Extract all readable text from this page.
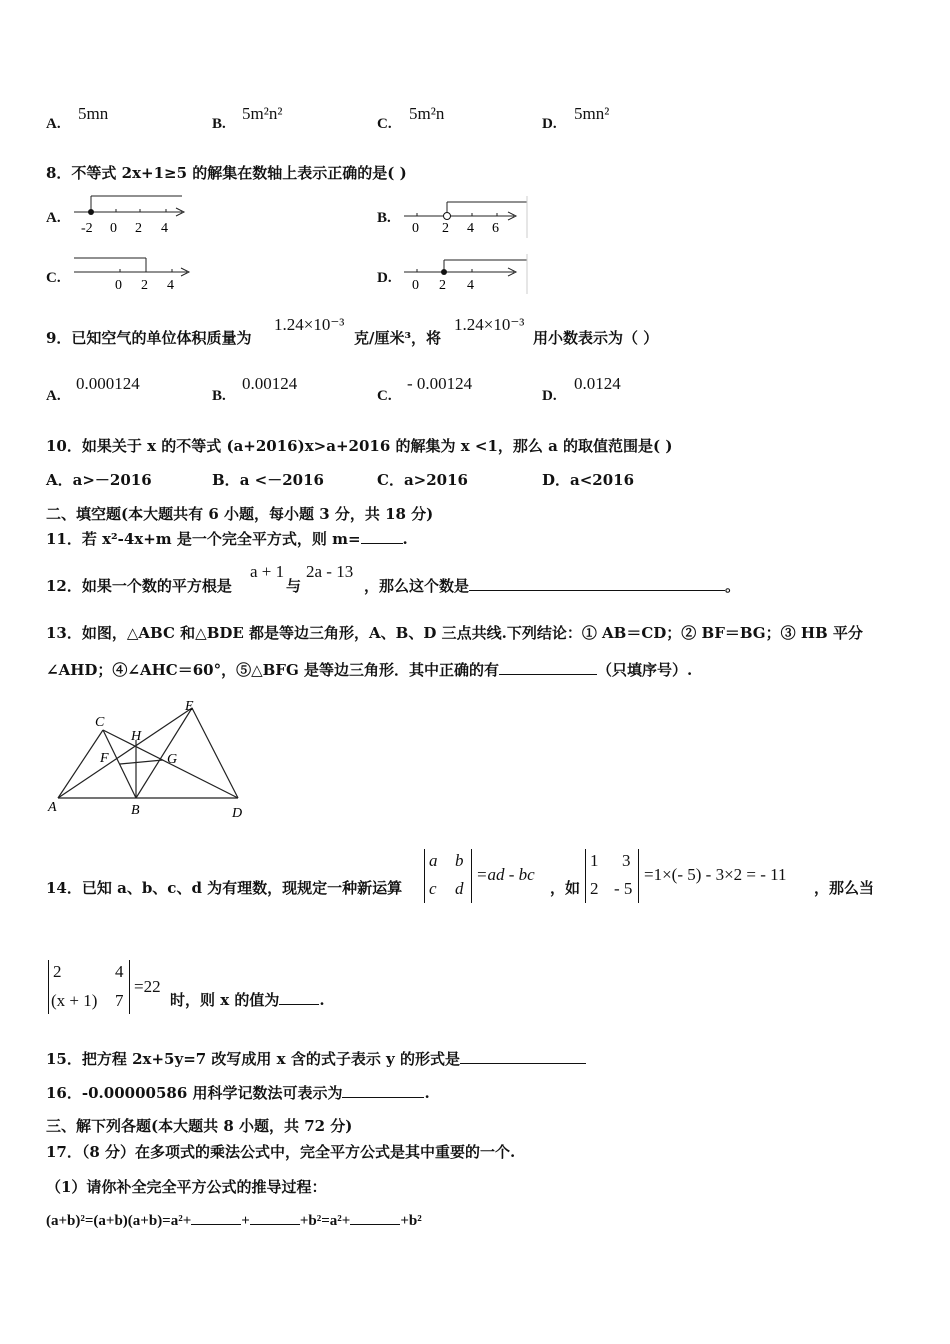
A.
5mn
B.
5m²n²
C.
5m²n
D.
5mn²
8．不等式 2x+1≥5 的解集在数轴上表示正确的是( )
A.
-2 0 2 4
B.
0 2 4 6
C.	0 2 4	D. 0 2 4
9．已知空气的单位体积质量为
1.24×10⁻³
克/厘米³，将
1.24×10⁻³
用小数表示为（ ）
A.
0.000124
B.
0.00124
C.
- 0.00124
D.
0.0124
10．如果关于 x 的不等式 (a+2016)x>a+2016 的解集为 x <1，那么 a 的取值范围是( )
A．a>－2016	B．a <－2016	C．a>2016	D．a<2016
二、填空题(本大题共有 6 小题，每小题 3 分，共 18 分)
11．若 x²-4x+m 是一个完全平方式，则 m=	.
12．如果一个数的平方根是
a + 1
与
2a - 13
，那么这个数是	。
13．如图，△ABC 和△BDE 都是等边三角形，A、B、D 三点共线.下列结论：① AB＝CD；② BF＝BG；③ HB 平分
∠AHD；④∠AHC＝60°，⑤△BFG 是等边三角形．其中正确的有	（只填序号）.
A	B
C
D
E
F	G
H
14．已知 a、b、c、d 为有理数，现规定一种新运算
a b
c d
=ad - bc
，如
1 3
2 - 5
=1×(- 5) - 3×2 = - 11
，那么当
2	4
(x + 1) 7
=22
时，则 x 的值为	.
15．把方程 2x+5y=7 改写成用 x 含的式子表示 y 的形式是
16．-0.00000586 用科学记数法可表示为	.
三、解下列各题(本大题共 8 小题，共 72 分)
17．（8 分）在多项式的乘法公式中，完全平方公式是其中重要的一个.
（1）请你补全完全平方公式的推导过程：
(a+b)²=(a+b)(a+b)=a²+	+	+b²=a²+	+b²
